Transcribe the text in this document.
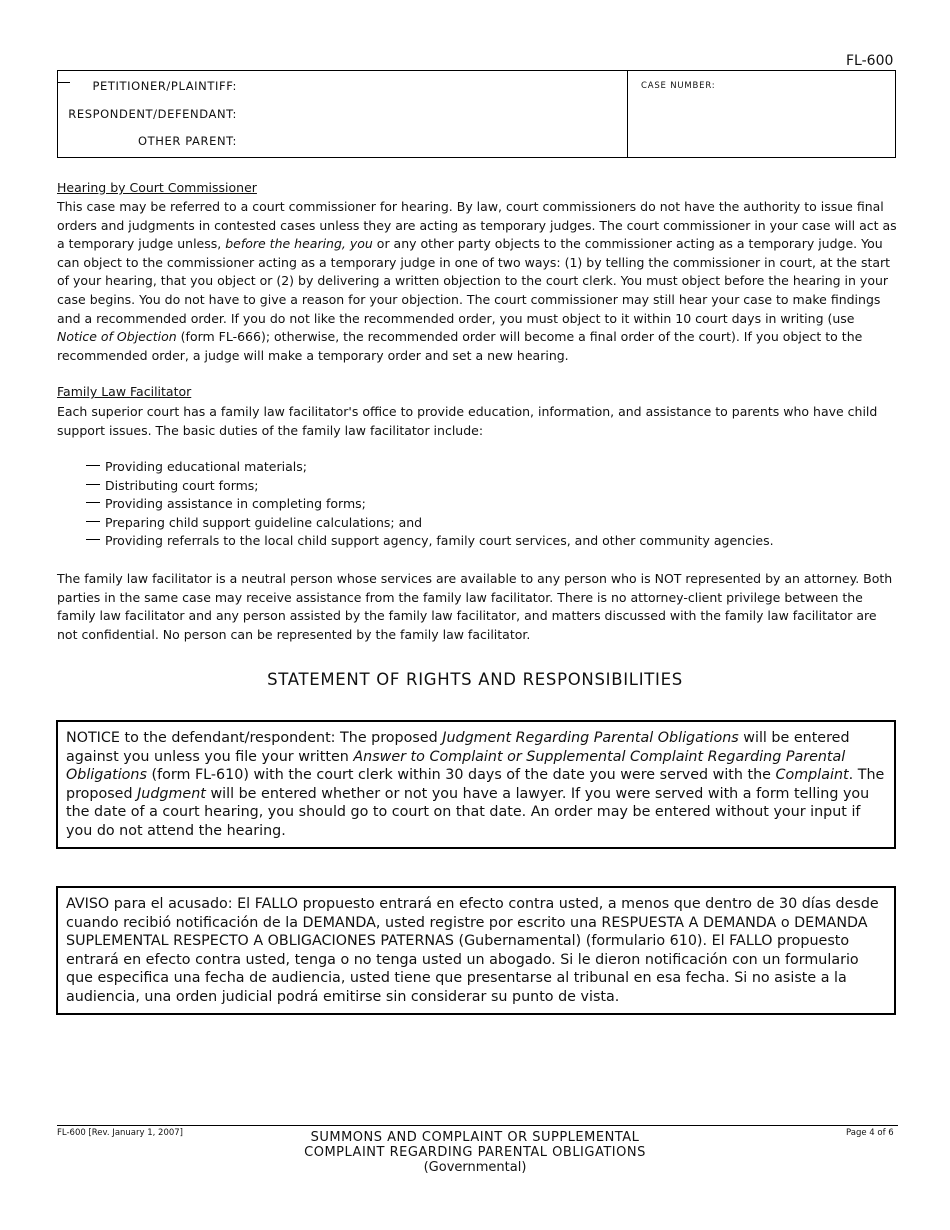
FL-600
PETITIONER/PLAINTIFF:
RESPONDENT/DEFENDANT:
OTHER PARENT:
CASE NUMBER:
Hearing by Court Commissioner
This case may be referred to a court commissioner for hearing. By law, court commissioners do not have the authority to issue final orders and judgments in contested cases unless they are acting as temporary judges. The court commissioner in your case will act as a temporary judge unless, before the hearing, you or any other party objects to the commissioner acting as a temporary judge. You can object to the commissioner acting as a temporary judge in one of two ways: (1) by telling the commissioner in court, at the start of your hearing, that you object or (2) by delivering a written objection to the court clerk. You must object before the hearing in your case begins. You do not have to give a reason for your objection. The court commissioner may still hear your case to make findings and a recommended order. If you do not like the recommended order, you must object to it within 10 court days in writing (use Notice of Objection (form FL-666); otherwise, the recommended order will become a final order of the court). If you object to the recommended order, a judge will make a temporary order and set a new hearing.
Family Law Facilitator
Each superior court has a family law facilitator's office to provide education, information, and assistance to parents who have child support issues. The basic duties of the family law facilitator include:
Providing educational materials;
Distributing court forms;
Providing assistance in completing forms;
Preparing child support guideline calculations; and
Providing referrals to the local child support agency, family court services, and other community agencies.
The family law facilitator is a neutral person whose services are available to any person who is NOT represented by an attorney. Both parties in the same case may receive assistance from the family law facilitator. There is no attorney-client privilege between the family law facilitator and any person assisted by the family law facilitator, and matters discussed with the family law facilitator are not confidential. No person can be represented by the family law facilitator.
STATEMENT OF RIGHTS AND RESPONSIBILITIES
NOTICE to the defendant/respondent: The proposed Judgment Regarding Parental Obligations will be entered against you unless you file your written Answer to Complaint or Supplemental Complaint Regarding Parental Obligations (form FL-610) with the court clerk within 30 days of the date you were served with the Complaint. The proposed Judgment will be entered whether or not you have a lawyer. If you were served with a form telling you the date of a court hearing, you should go to court on that date. An order may be entered without your input if you do not attend the hearing.
AVISO para el acusado: El FALLO propuesto entrará en efecto contra usted, a menos que dentro de 30 días desde cuando recibió notificación de la DEMANDA, usted registre por escrito una RESPUESTA A DEMANDA o DEMANDA SUPLEMENTAL RESPECTO A OBLIGACIONES PATERNAS (Gubernamental) (formulario 610). El FALLO propuesto entrará en efecto contra usted, tenga o no tenga usted un abogado. Si le dieron notificación con un formulario que especifica una fecha de audiencia, usted tiene que presentarse al tribunal en esa fecha. Si no asiste a la audiencia, una orden judicial podrá emitirse sin considerar su punto de vista.
FL-600 [Rev. January 1, 2007]	SUMMONS AND COMPLAINT OR SUPPLEMENTAL
COMPLAINT REGARDING PARENTAL OBLIGATIONS
(Governmental)
Page 4 of 6
